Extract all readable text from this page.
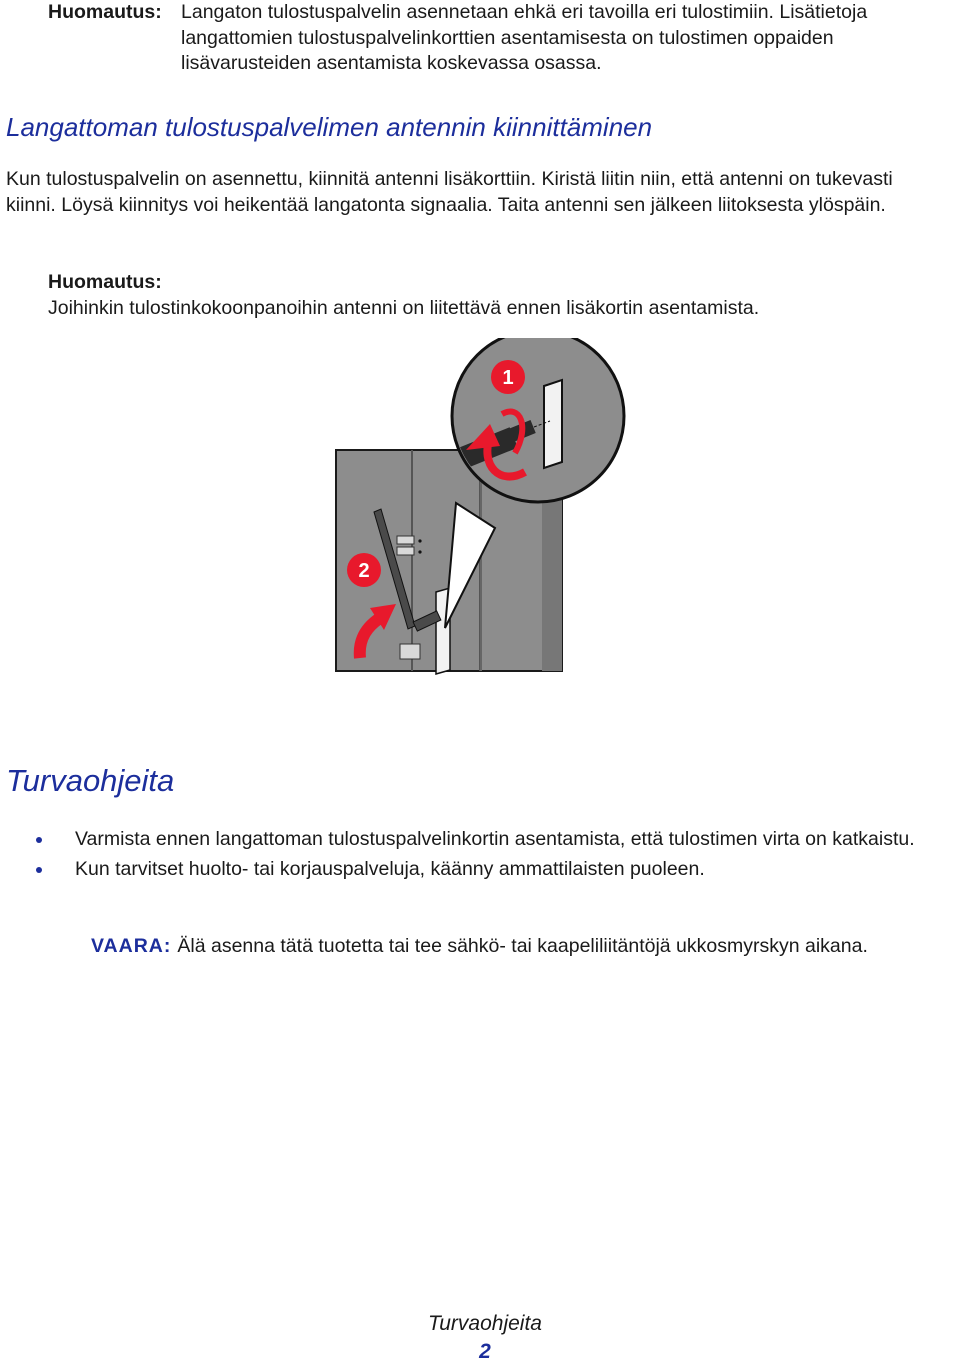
Huomautus: Langaton tulostuspalvelin asennetaan ehkä eri tavoilla eri tulostimiin. Lisätietoja langattomien tulostuspalvelinkorttien asentamisesta on tulostimen oppaiden lisävarusteiden asentamista koskevassa osassa.
Langattoman tulostuspalvelimen antennin kiinnittäminen

Kun tulostuspalvelin on asennettu, kiinnitä antenni lisäkorttiin. Kiristä liitin niin, että antenni on tukevasti kiinni. Löysä kiinnitys voi heikentää langatonta signaalia. Taita antenni sen jälkeen liitoksesta ylöspäin.

Huomautus:Joihinkin tulostinkokoonpanoihin antenni on liitettävä ennen lisäkortin asentamista.
1
2
Turvaohjeita
Varmista ennen langattoman tulostuspalvelinkortin asentamista, että tulostimen virta on katkaistu.
Kun tarvitset huolto- tai korjauspalveluja, käänny ammattilaisten puoleen.
VAARA: Älä asenna tätä tuotetta tai tee sähkö- tai kaapeliliitäntöjä ukkosmyrskyn aikana.
Turvaohjeita
2
